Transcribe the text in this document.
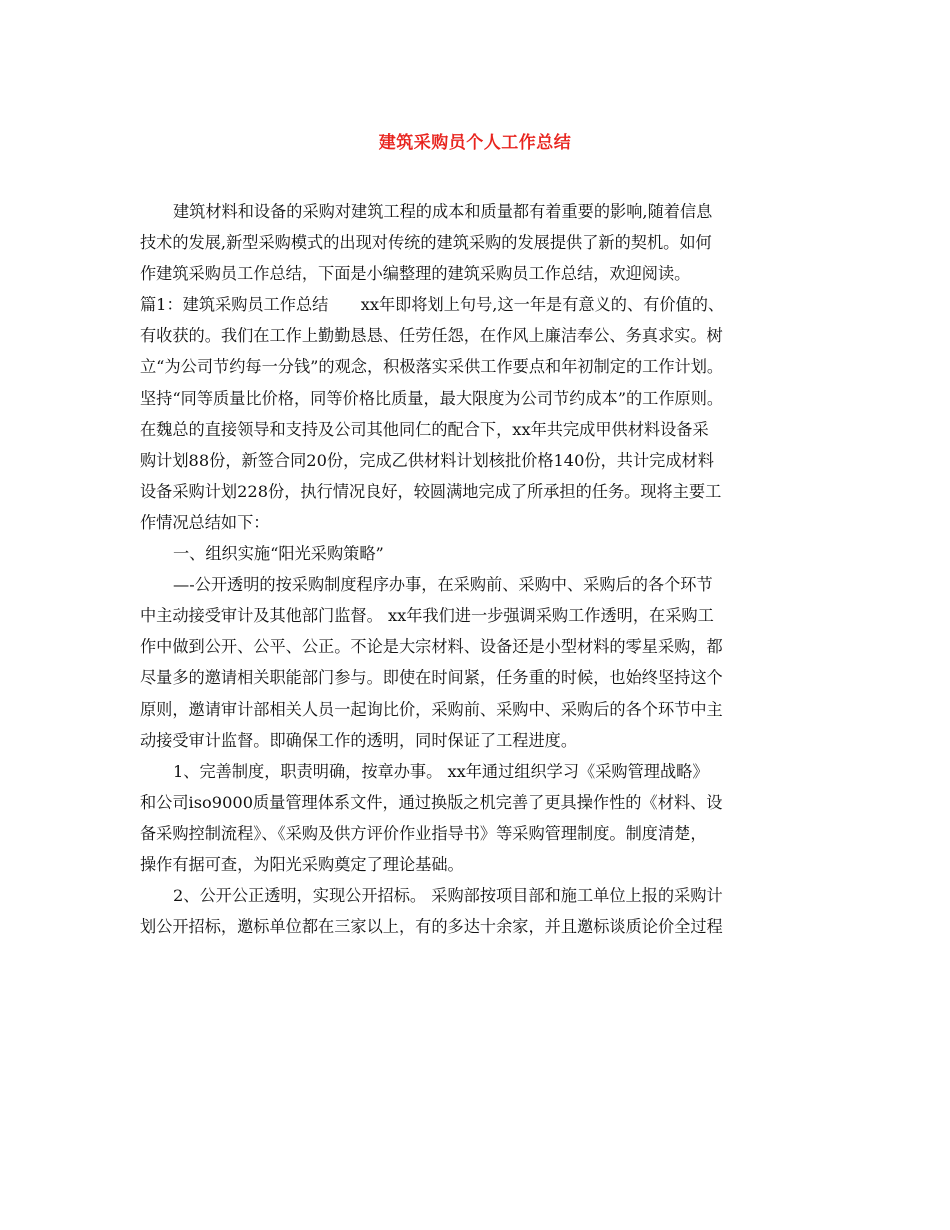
建筑采购员个人工作总结
建筑材料和设备的采购对建筑工程的成本和质量都有着重要的影响,随着信息
技术的发展,新型采购模式的出现对传统的建筑采购的发展提供了新的契机。如何
作建筑采购员工作总结，下面是小编整理的建筑采购员工作总结，欢迎阅读。
篇1：建筑采购员工作总结　　xx年即将划上句号,这一年是有意义的、有价值的、
有收获的。我们在工作上勤勤恳恳、任劳任怨，在作风上廉洁奉公、务真求实。树
立“为公司节约每一分钱”的观念，积极落实采供工作要点和年初制定的工作计划。
坚持“同等质量比价格，同等价格比质量，最大限度为公司节约成本”的工作原则。
在魏总的直接领导和支持及公司其他同仁的配合下，xx年共完成甲供材料设备采
购计划88份，新签合同20份，完成乙供材料计划核批价格140份，共计完成材料
设备采购计划228份，执行情况良好，较圆满地完成了所承担的任务。现将主要工
作情况总结如下：
一、组织实施“阳光采购策略”
—-公开透明的按采购制度程序办事，在采购前、采购中、采购后的各个环节
中主动接受审计及其他部门监督。 xx年我们进一步强调采购工作透明，在采购工
作中做到公开、公平、公正。不论是大宗材料、设备还是小型材料的零星采购，都
尽量多的邀请相关职能部门参与。即使在时间紧，任务重的时候，也始终坚持这个
原则，邀请审计部相关人员一起询比价，采购前、采购中、采购后的各个环节中主
动接受审计监督。即确保工作的透明，同时保证了工程进度。
1、完善制度，职责明确，按章办事。 xx年通过组织学习《采购管理战略》
和公司iso9000质量管理体系文件，通过换版之机完善了更具操作性的《材料、设
备采购控制流程》、《采购及供方评价作业指导书》等采购管理制度。制度清楚，
操作有据可查，为阳光采购奠定了理论基础。
2、公开公正透明，实现公开招标。 采购部按项目部和施工单位上报的采购计
划公开招标，邀标单位都在三家以上，有的多达十余家，并且邀标谈质论价全过程
